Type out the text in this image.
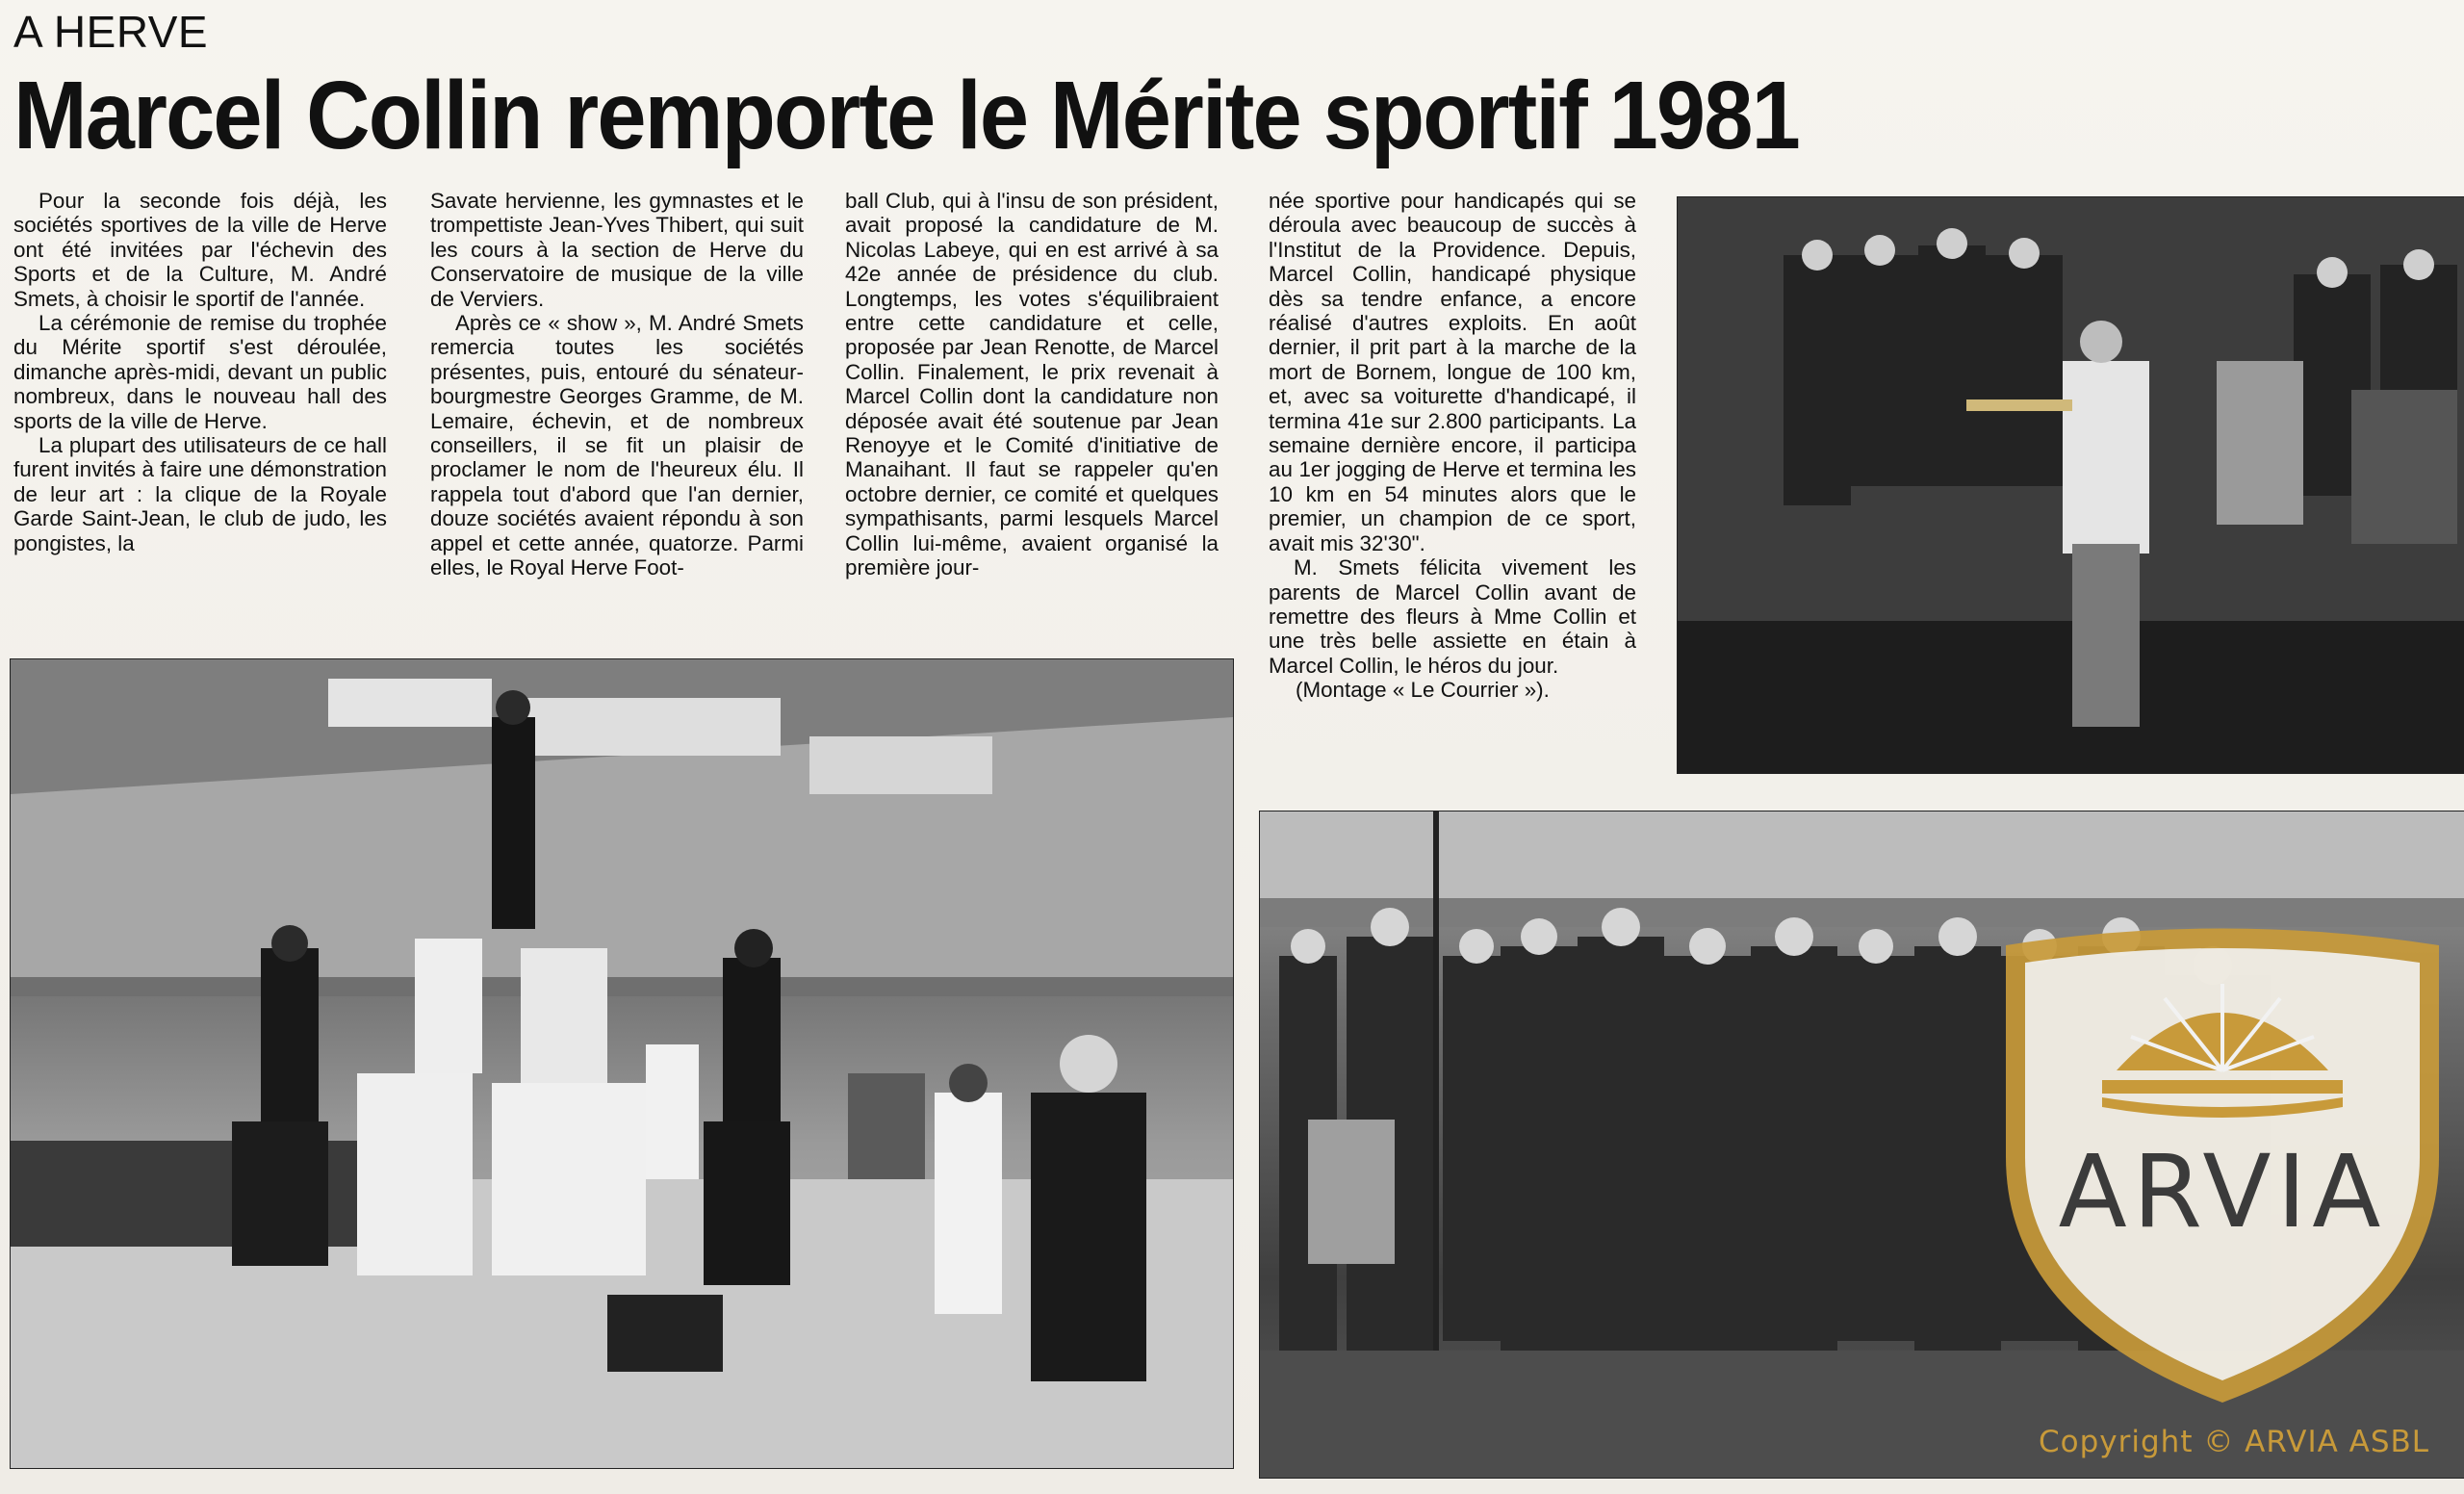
A HERVE
Marcel Collin remporte le Mérite sportif 1981

Pour la seconde fois déjà, les sociétés sportives de la ville de Herve ont été invitées par l'échevin des Sports et de la Culture, M. André Smets, à choisir le sportif de l'année.

La cérémonie de remise du trophée du Mérite sportif s'est déroulée, dimanche après-midi, devant un public nombreux, dans le nouveau hall des sports de la ville de Herve.

La plupart des utilisateurs de ce hall furent invités à faire une démonstration de leur art : la clique de la Royale Garde Saint-Jean, le club de judo, les pongistes, la

Savate hervienne, les gymnastes et le trompettiste Jean-Yves Thibert, qui suit les cours à la section de Herve du Conservatoire de musique de la ville de Verviers.

Après ce « show », M. André Smets remercia toutes les sociétés présentes, puis, entouré du sénateur-bourgmestre Georges Gramme, de M. Lemaire, échevin, et de nombreux conseillers, il se fit un plaisir de proclamer le nom de l'heureux élu. Il rappela tout d'abord que l'an dernier, douze sociétés avaient répondu à son appel et cette année, quatorze. Parmi elles, le Royal Herve Foot-

ball Club, qui à l'insu de son président, avait proposé la candidature de M. Nicolas Labeye, qui en est arrivé à sa 42e année de présidence du club. Longtemps, les votes s'équilibraient entre cette candidature et celle, proposée par Jean Renotte, de Marcel Collin. Finalement, le prix revenait à Marcel Collin dont la candidature non déposée avait été soutenue par Jean Renoyye et le Comité d'initiative de Manaihant. Il faut se rappeler qu'en octobre dernier, ce comité et quelques sympathisants, parmi lesquels Marcel Collin lui-même, avaient organisé la première jour-

née sportive pour handicapés qui se déroula avec beaucoup de succès à l'Institut de la Providence. Depuis, Marcel Collin, handicapé physique dès sa tendre enfance, a encore réalisé d'autres exploits. En août dernier, il prit part à la marche de la mort de Bornem, longue de 100 km, et, avec sa voiturette d'handicapé, il termina 41e sur 2.800 participants. La semaine dernière encore, il participa au 1er jogging de Herve et termina les 10 km en 54 minutes alors que le premier, un champion de ce sport, avait mis 32'30".

M. Smets félicita vivement les parents de Marcel Collin avant de remettre des fleurs à Mme Collin et une très belle assiette en étain à Marcel Collin, le héros du jour.

(Montage « Le Courrier »).

ARVIA
Copyright © ARVIA ASBL
